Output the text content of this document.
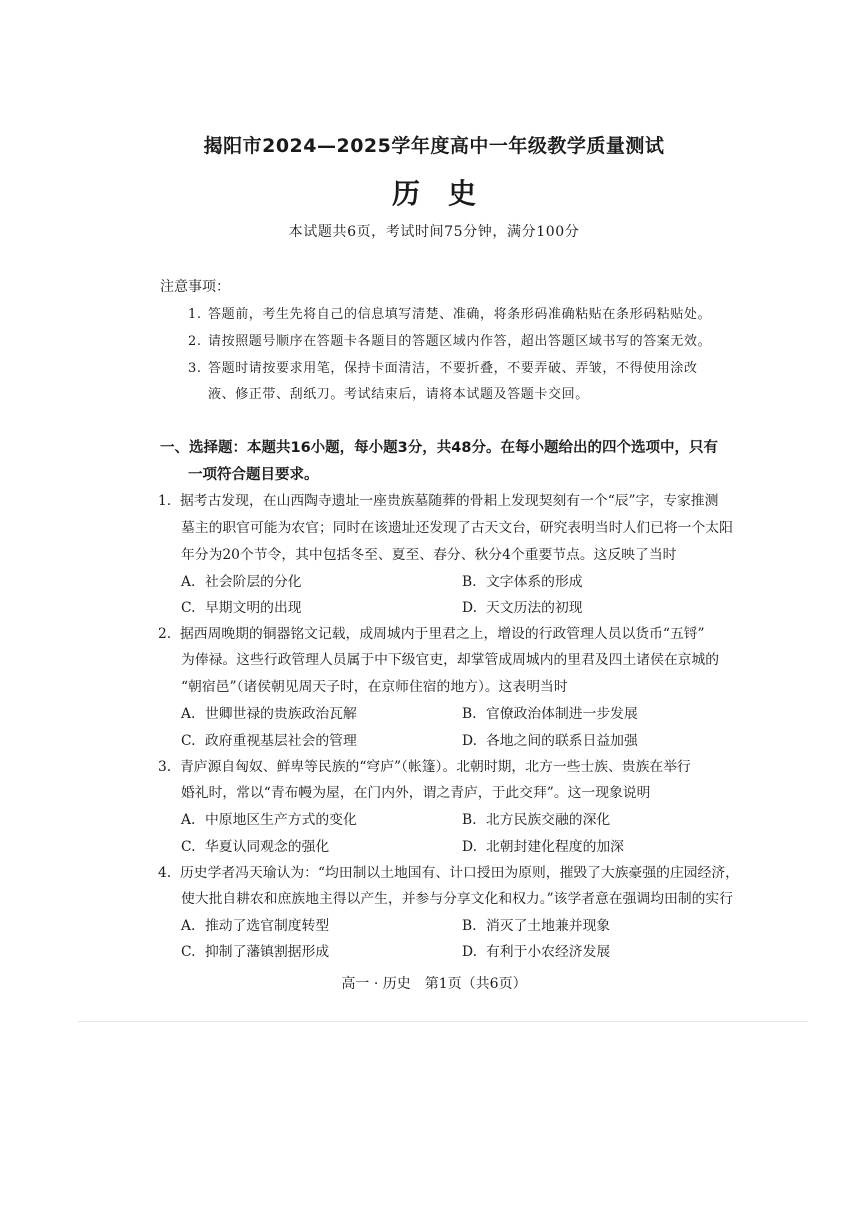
揭阳市2024—2025学年度高中一年级教学质量测试
历史
本试题共6页，考试时间75分钟，满分100分
注意事项：
1. 答题前，考生先将自己的信息填写清楚、准确，将条形码准确粘贴在条形码粘贴处。
2. 请按照题号顺序在答题卡各题目的答题区域内作答，超出答题区域书写的答案无效。
3. 答题时请按要求用笔，保持卡面清洁，不要折叠，不要弄破、弄皱，不得使用涂改
液、修正带、刮纸刀。考试结束后，请将本试题及答题卡交回。
一、选择题：本题共16小题，每小题3分，共48分。在每小题给出的四个选项中，只有
一项符合题目要求。
1. 据考古发现，在山西陶寺遗址一座贵族墓随葬的骨耜上发现契刻有一个“辰”字，专家推测
墓主的职官可能为农官；同时在该遗址还发现了古天文台，研究表明当时人们已将一个太阳
年分为20个节令，其中包括冬至、夏至、春分、秋分4个重要节点。这反映了当时
A. 社会阶层的分化	B. 文字体系的形成
C. 早期文明的出现	D. 天文历法的初现
2. 据西周晚期的铜器铭文记载，成周城内于里君之上，增设的行政管理人员以货币“五锊”
为俸禄。这些行政管理人员属于中下级官吏，却掌管成周城内的里君及四土诸侯在京城的
“朝宿邑”（诸侯朝见周天子时，在京师住宿的地方）。这表明当时
A. 世卿世禄的贵族政治瓦解	B. 官僚政治体制进一步发展
C. 政府重视基层社会的管理	D. 各地之间的联系日益加强
3. 青庐源自匈奴、鲜卑等民族的“穹庐”（帐篷）。北朝时期，北方一些士族、贵族在举行
婚礼时，常以“青布幔为屋，在门内外，谓之青庐，于此交拜”。这一现象说明
A. 中原地区生产方式的变化	B. 北方民族交融的深化
C. 华夏认同观念的强化	D. 北朝封建化程度的加深
4. 历史学者冯天瑜认为：“均田制以土地国有、计口授田为原则，摧毁了大族豪强的庄园经济，
使大批自耕农和庶族地主得以产生，并参与分享文化和权力。”该学者意在强调均田制的实行
A. 推动了选官制度转型	B. 消灭了土地兼并现象
C. 抑制了藩镇割据形成	D. 有利于小农经济发展
高一 · 历史　第1页（共6页）
